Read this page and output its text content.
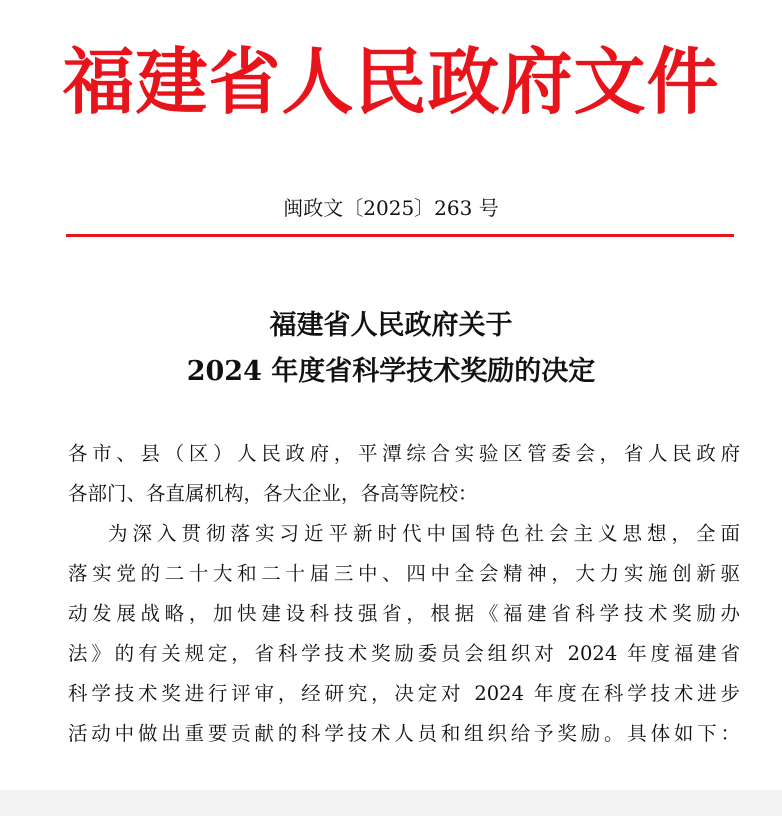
福建省人民政府文件
闽政文〔2025〕263 号
福建省人民政府关于
2024 年度省科学技术奖励的决定
各市、县（区）人民政府，平潭综合实验区管委会，省人民政府
各部门、各直属机构，各大企业，各高等院校：
为深入贯彻落实习近平新时代中国特色社会主义思想，全面
落实党的二十大和二十届三中、四中全会精神，大力实施创新驱
动发展战略，加快建设科技强省，根据《福建省科学技术奖励办
法》的有关规定，省科学技术奖励委员会组织对 2024 年度福建省
科学技术奖进行评审，经研究，决定对 2024 年度在科学技术进步
活动中做出重要贡献的科学技术人员和组织给予奖励。具体如下：
